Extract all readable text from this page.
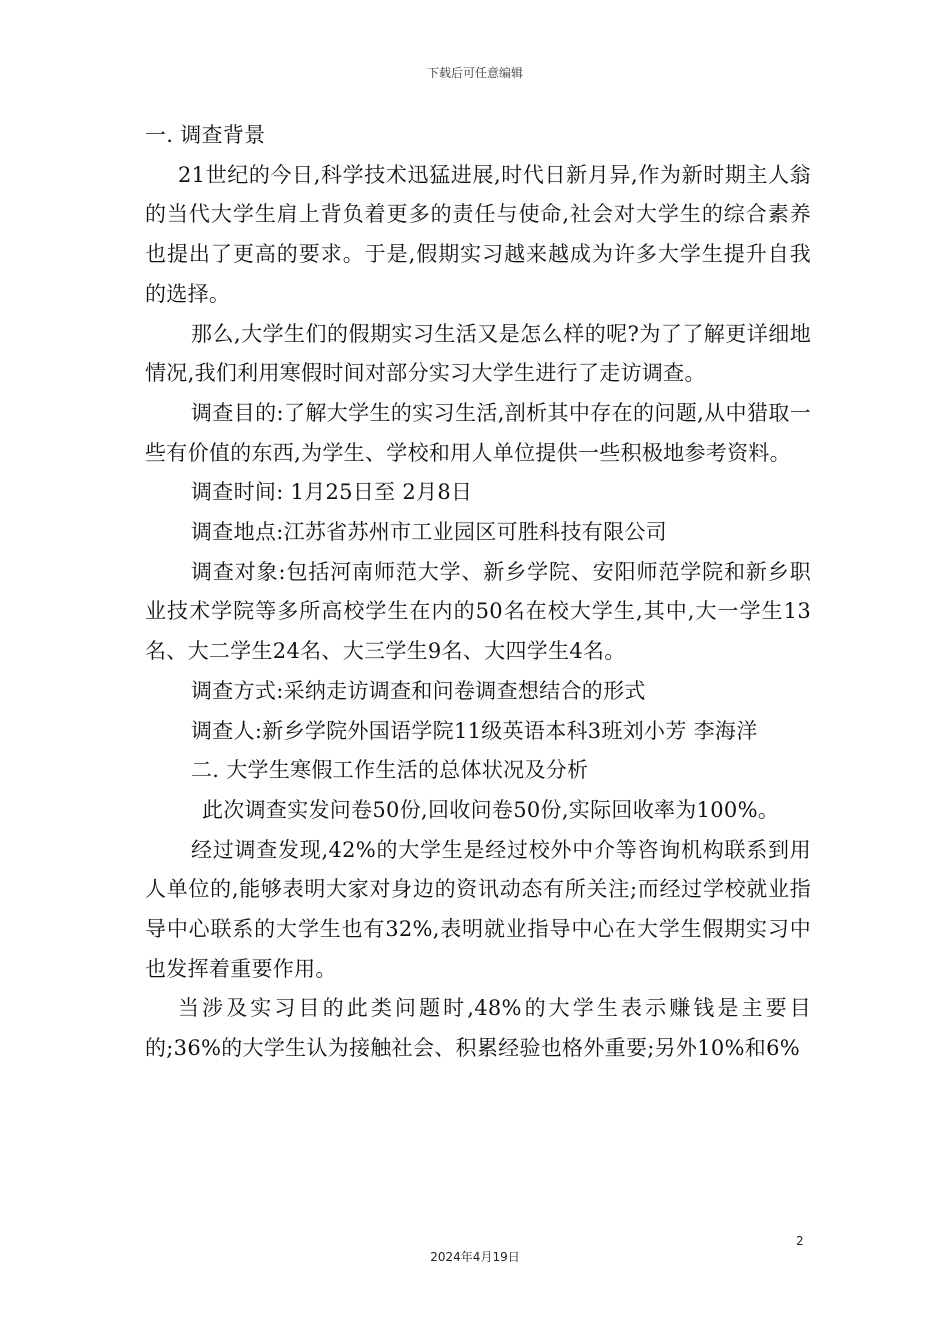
下载后可任意编辑

一. 调查背景

21世纪的今日,科学技术迅猛进展,时代日新月异,作为新时期主人翁的当代大学生肩上背负着更多的责任与使命,社会对大学生的综合素养也提出了更高的要求。于是,假期实习越来越成为许多大学生提升自我的选择。

那么,大学生们的假期实习生活又是怎么样的呢?为了了解更详细地情况,我们利用寒假时间对部分实习大学生进行了走访调查。

调查目的:了解大学生的实习生活,剖析其中存在的问题,从中猎取一些有价值的东西,为学生、学校和用人单位提供一些积极地参考资料。

调查时间: 1月25日至 2月8日

调查地点:江苏省苏州市工业园区可胜科技有限公司

调查对象:包括河南师范大学、新乡学院、安阳师范学院和新乡职业技术学院等多所高校学生在内的50名在校大学生,其中,大一学生13名、大二学生24名、大三学生9名、大四学生4名。

调查方式:采纳走访调查和问卷调查想结合的形式

调查人:新乡学院外国语学院11级英语本科3班刘小芳 李海洋

二. 大学生寒假工作生活的总体状况及分析

此次调查实发问卷50份,回收问卷50份,实际回收率为100%。

经过调查发现,42%的大学生是经过校外中介等咨询机构联系到用人单位的,能够表明大家对身边的资讯动态有所关注;而经过学校就业指导中心联系的大学生也有32%,表明就业指导中心在大学生假期实习中也发挥着重要作用。

当涉及实习目的此类问题时,48%的大学生表示赚钱是主要目的;36%的大学生认为接触社会、积累经验也格外重要;另外10%和6%

2
2024年4月19日
